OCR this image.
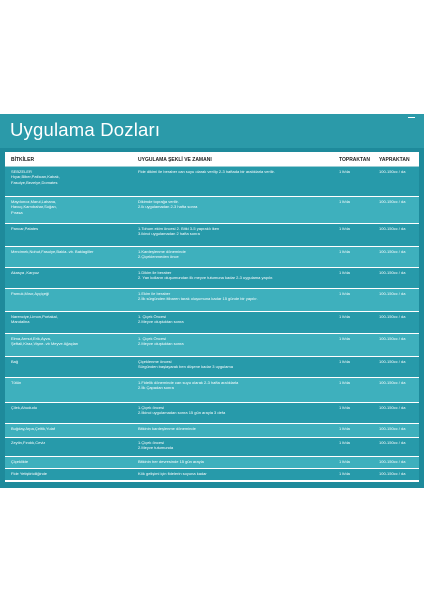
Uygulama Dozları
BİTKİLER	UYGULAMA ŞEKLİ VE ZAMANI	TOPRAKTAN	YAPRAKTAN
SEBZELER
Hıyar,Biber,Patlıcan,Kabak,
Fasulye,Bezelye,Domates
Fide dikimi ile beraber can suyu olarak verilip 2-3 haftada bir aralıklarla verilir.	1 lt/da	100-150cc / da
Maydonoz,Marul,Lahana,
Havuç,Karnıbahar,Soğan,
Pırasa
Dikimde toprağa verilir.
2.lk uygulamadan 2-3 hafta sonra
1 lt/da	100-150cc / da
Pancar,Patates	1.Tohum ekim öncesi 2. Bitki 3-5 yapraklı iken
3.ikinci uygulamadan 2 hafta sonra
1 lt/da	100-150cc / da
Mercimek,Nohut,Fasulye,Bakla..vb. Baklagiller	1.Kardeşlenme döneminde
2.Çiçeklenmeden önce
1 lt/da	100-150cc / da
Akasya ,Karpuz	1.Dikim ile beraber
2. Yan kolların oluşumundan ilk meyve tutumuna kadar 2-3 uygulama yapılır.
1 lt/da	100-150cc / da
Pamuk,Mısır,Ayçiçeği	1.Ekim ile beraber
2.İlk sürgünden itibaren tarak oluşumuna kadar 15 günde bir yapılır.
1 lt/da	100-150cc / da
Narenciye,Limon,Portakal,
Mandalina
1. Çiçek Öncesi
2.Meyve oluştuktan sonra
1 lt/da	100-150cc / da
Elma,Armut,Erik,Ayva,
Şeftali,Kiraz,Vişne..vb Meyve Ağaçları
1. Çiçek Öncesi
2.Meyve oluştuktan sonra
1 lt/da	100-150cc / da
Bağ	Çiçeklenme öncesi
Sürgünden başlayarak ben düşene kadar 3 uygulama
1 lt/da	100-150cc / da
Tütün	1.Fidelik döneminde can suyu olarak 2-3 hafta aralıklarla
2.İlk Çapadan sonra
1 lt/da	100-150cc / da
Çilek,Ahududu	1.Çiçek öncesi
2.İlkinci uygulamadan sonra 15 gün arayla 3 defa
1 lt/da	100-150cc / da
Buğday,Arpa,Çeltik,Yulaf	Bitkinin kardeşlenme döneminde	1 lt/da	100-150cc / da
Zeytin,Fındık,Ceviz	1.Çiçek öncesi
2.Meyve tutumunda
1 lt/da	100-150cc / da
Çiçeklikte	Bitkinin her devresinde 15 gün arayla	1 lt/da	100-150cc / da
Fide Yetiştiriciliğinde	Kök gelişimi için fidelerin soyuna kadar	1 lt/da	100-150cc / da
